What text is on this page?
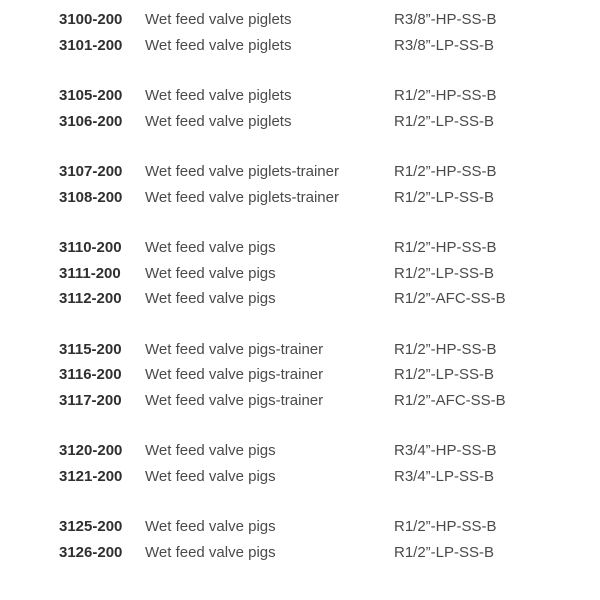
3100-200 Wet feed valve piglets	R3/8”-HP-SS-B
3101-200 Wet feed valve piglets	R3/8”-LP-SS-B
3105-200 Wet feed valve piglets	R1/2”-HP-SS-B
3106-200 Wet feed valve piglets	R1/2”-LP-SS-B
3107-200 Wet feed valve piglets-trainer	R1/2”-HP-SS-B
3108-200 Wet feed valve piglets-trainer	R1/2”-LP-SS-B
3110-200 Wet feed valve pigs	R1/2”-HP-SS-B
3111-200 Wet feed valve pigs	R1/2”-LP-SS-B
3112-200 Wet feed valve pigs	R1/2”-AFC-SS-B
3115-200 Wet feed valve pigs-trainer	R1/2”-HP-SS-B
3116-200 Wet feed valve pigs-trainer	R1/2”-LP-SS-B
3117-200 Wet feed valve pigs-trainer	R1/2”-AFC-SS-B
3120-200 Wet feed valve pigs	R3/4”-HP-SS-B
3121-200 Wet feed valve pigs	R3/4”-LP-SS-B
3125-200 Wet feed valve pigs	R1/2”-HP-SS-B
3126-200 Wet feed valve pigs	R1/2”-LP-SS-B
